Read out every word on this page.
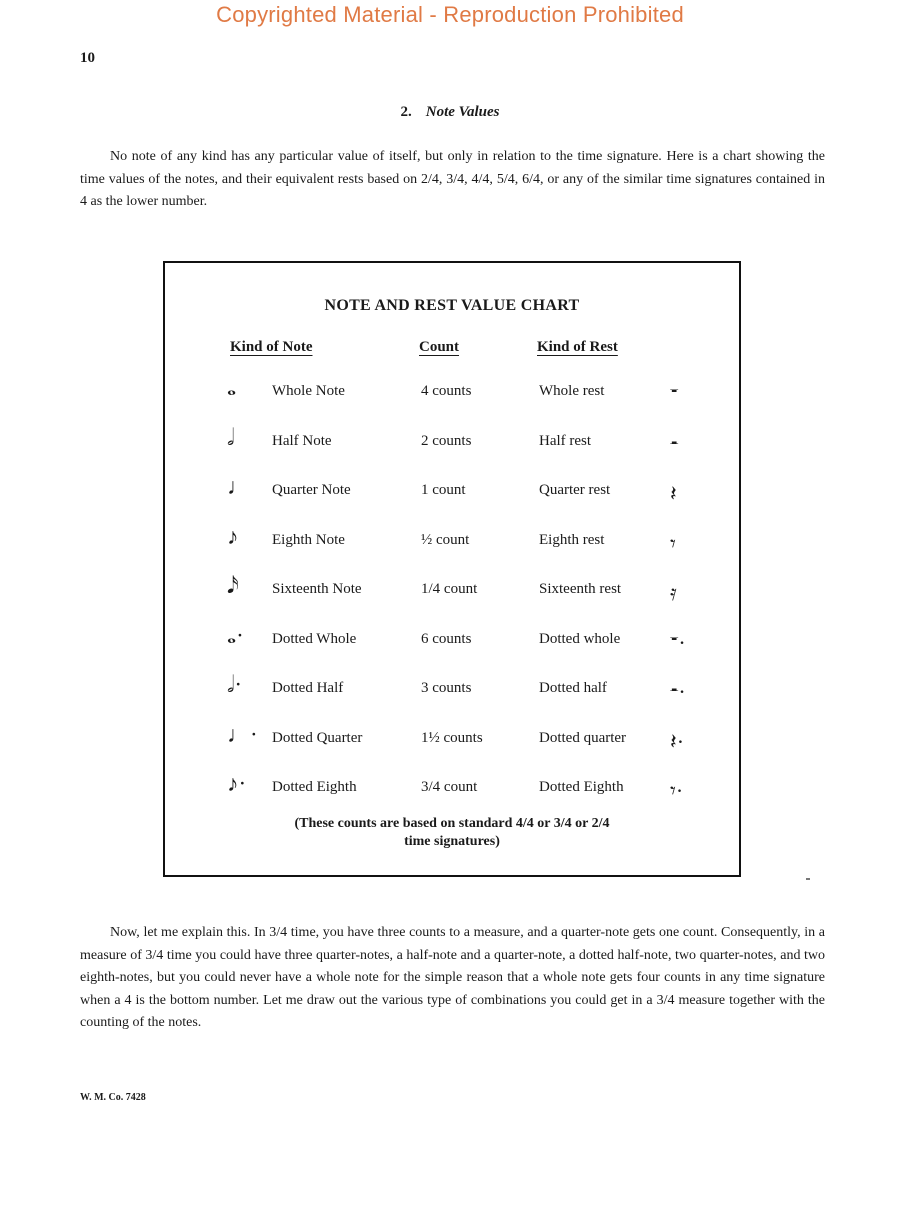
Copyrighted Material - Reproduction Prohibited
10
2. Note Values
No note of any kind has any particular value of itself, but only in relation to the time signature. Here is a chart showing the time values of the notes, and their equivalent rests based on 2/4, 3/4, 4/4, 5/4, 6/4, or any of the similar time signatures contained in 4 as the lower number.
NOTE AND REST VALUE CHART
Kind of Note	Count	Kind of Rest
𝅝	Whole Note	4 counts	Whole rest	𝄻
𝅗𝅥	Half Note	2 counts	Half rest	𝄼
♩	Quarter Note	1 count	Quarter rest	𝄽
♪	Eighth Note	½ count	Eighth rest	𝄾
𝅘𝅥𝅯	Sixteenth Note	1/4 count	Sixteenth rest 𝄿
𝅝·	Dotted Whole	6 counts	Dotted whole 𝄻·
𝅗𝅥·	Dotted Half	3 counts	Dotted half	𝄼·
♩· Dotted Quarter	1½ counts	Dotted quarter 𝄽·
♪·	Dotted Eighth	3/4 count	Dotted Eighth 𝄾·
(These counts are based on standard 4/4 or 3/4 or 2/4
time signatures)
Now, let me explain this. In 3/4 time, you have three counts to a measure, and a quarter-note gets one count. Consequently, in a measure of 3/4 time you could have three quarter-notes, a half-note and a quarter-note, a dotted half-note, two quarter-notes, and two eighth-notes, but you could never have a whole note for the simple reason that a whole note gets four counts in any time signature when a 4 is the bottom number. Let me draw out the various type of combinations you could get in a 3/4 measure together with the counting of the notes.
W. M. Co. 7428
